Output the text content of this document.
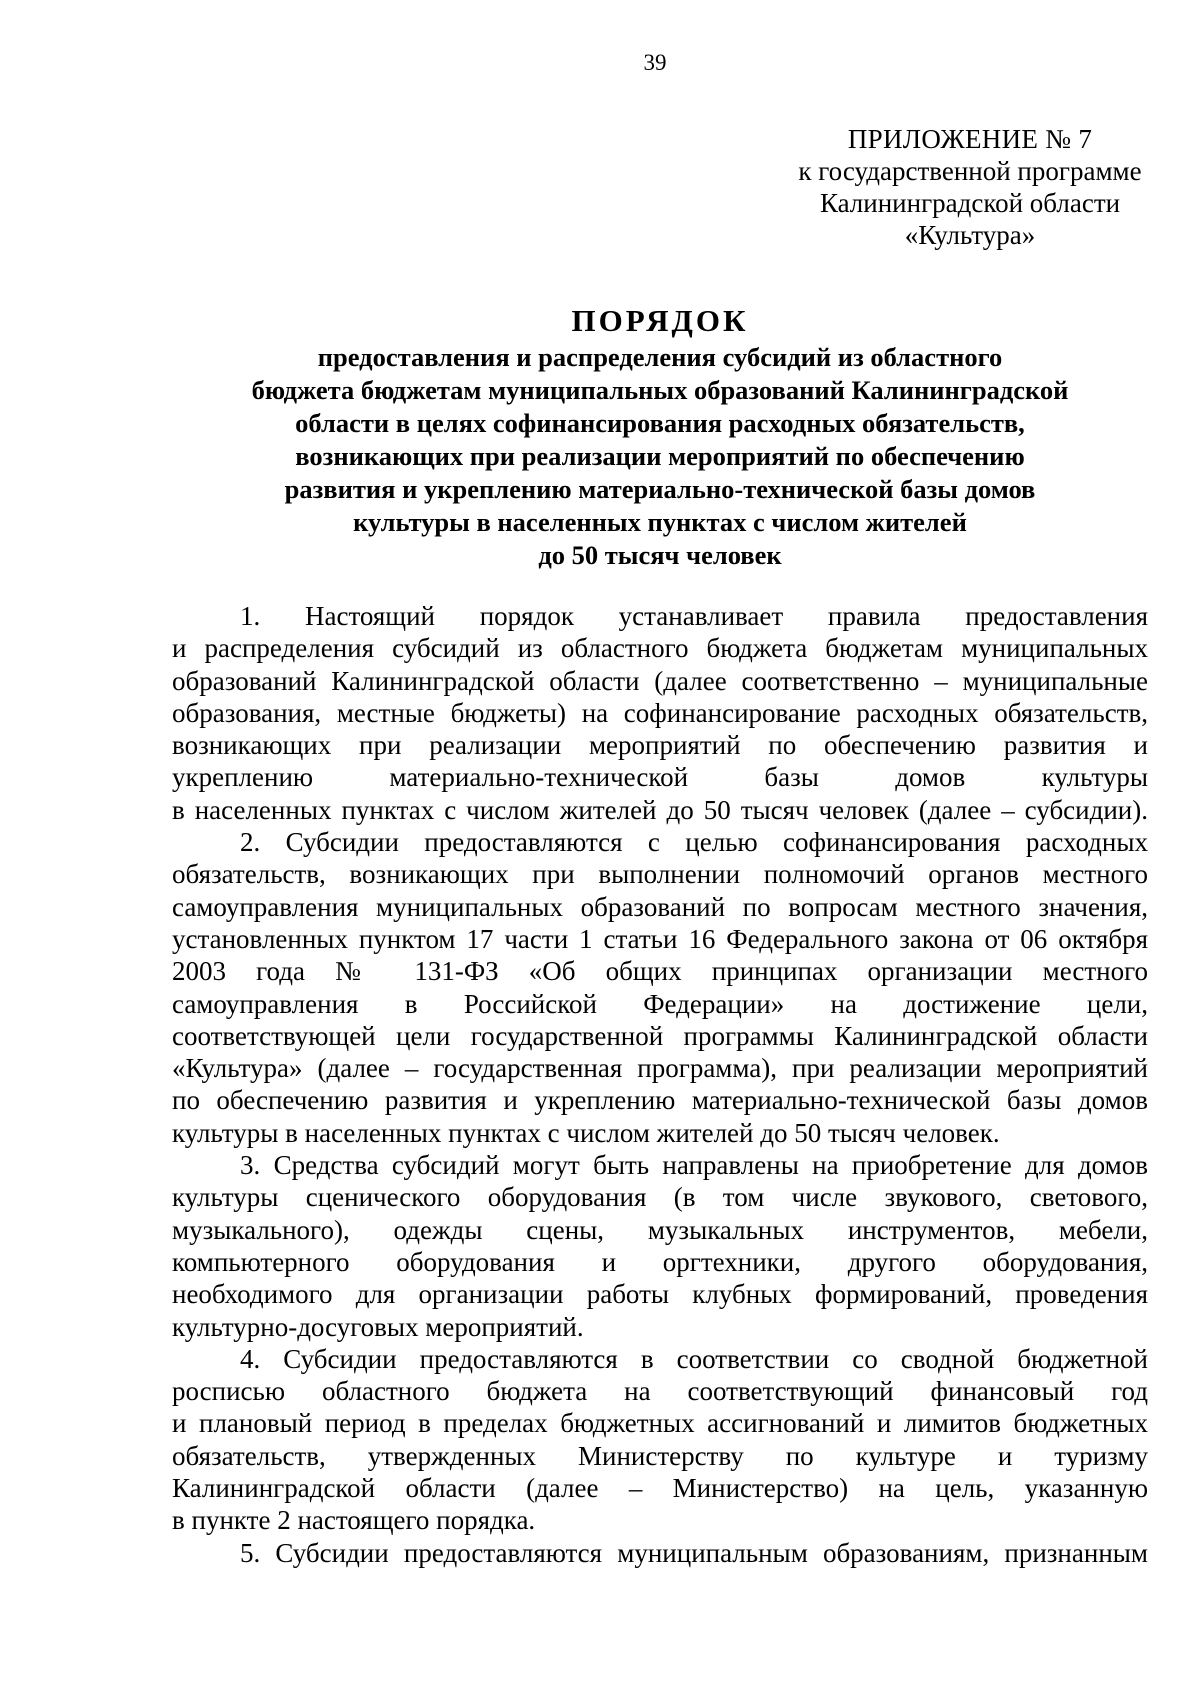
39
ПРИЛОЖЕНИЕ № 7
к государственной программе
Калининградской области
«Культура»
ПОРЯДОК
предоставления и распределения субсидий из областного
бюджета бюджетам муниципальных образований Калининградской
области в целях софинансирования расходных обязательств,
возникающих при реализации мероприятий по обеспечению
развития и укреплению материально-технической базы домов
культуры в населенных пунктах с числом жителей
до 50 тысяч человек
1. Настоящий порядок устанавливает правила предоставления
и распределения субсидий из областного бюджета бюджетам муниципальных
образований Калининградской области (далее соответственно – муниципальные
образования, местные бюджеты) на софинансирование расходных обязательств,
возникающих при реализации мероприятий по обеспечению развития и
укреплению материально-технической базы домов культуры
в населенных пунктах с числом жителей до 50 тысяч человек (далее – субсидии).
2. Субсидии предоставляются с целью софинансирования расходных
обязательств, возникающих при выполнении полномочий органов местного
самоуправления муниципальных образований по вопросам местного значения,
установленных пунктом 17 части 1 статьи 16 Федерального закона от 06 октября
2003 года № 131-ФЗ «Об общих принципах организации местного
самоуправления в Российской Федерации» на достижение цели,
соответствующей цели государственной программы Калининградской области
«Культура» (далее – государственная программа), при реализации мероприятий
по обеспечению развития и укреплению материально-технической базы домов
культуры в населенных пунктах с числом жителей до 50 тысяч человек.
3. Средства субсидий могут быть направлены на приобретение для домов
культуры сценического оборудования (в том числе звукового, светового,
музыкального), одежды сцены, музыкальных инструментов, мебели,
компьютерного оборудования и оргтехники, другого оборудования,
необходимого для организации работы клубных формирований, проведения
культурно-досуговых мероприятий.
4. Субсидии предоставляются в соответствии со сводной бюджетной
росписью областного бюджета на соответствующий финансовый год
и плановый период в пределах бюджетных ассигнований и лимитов бюджетных
обязательств, утвержденных Министерству по культуре и туризму
Калининградской области (далее – Министерство) на цель, указанную
в пункте 2 настоящего порядка.
5. Субсидии предоставляются муниципальным образованиям, признанным
